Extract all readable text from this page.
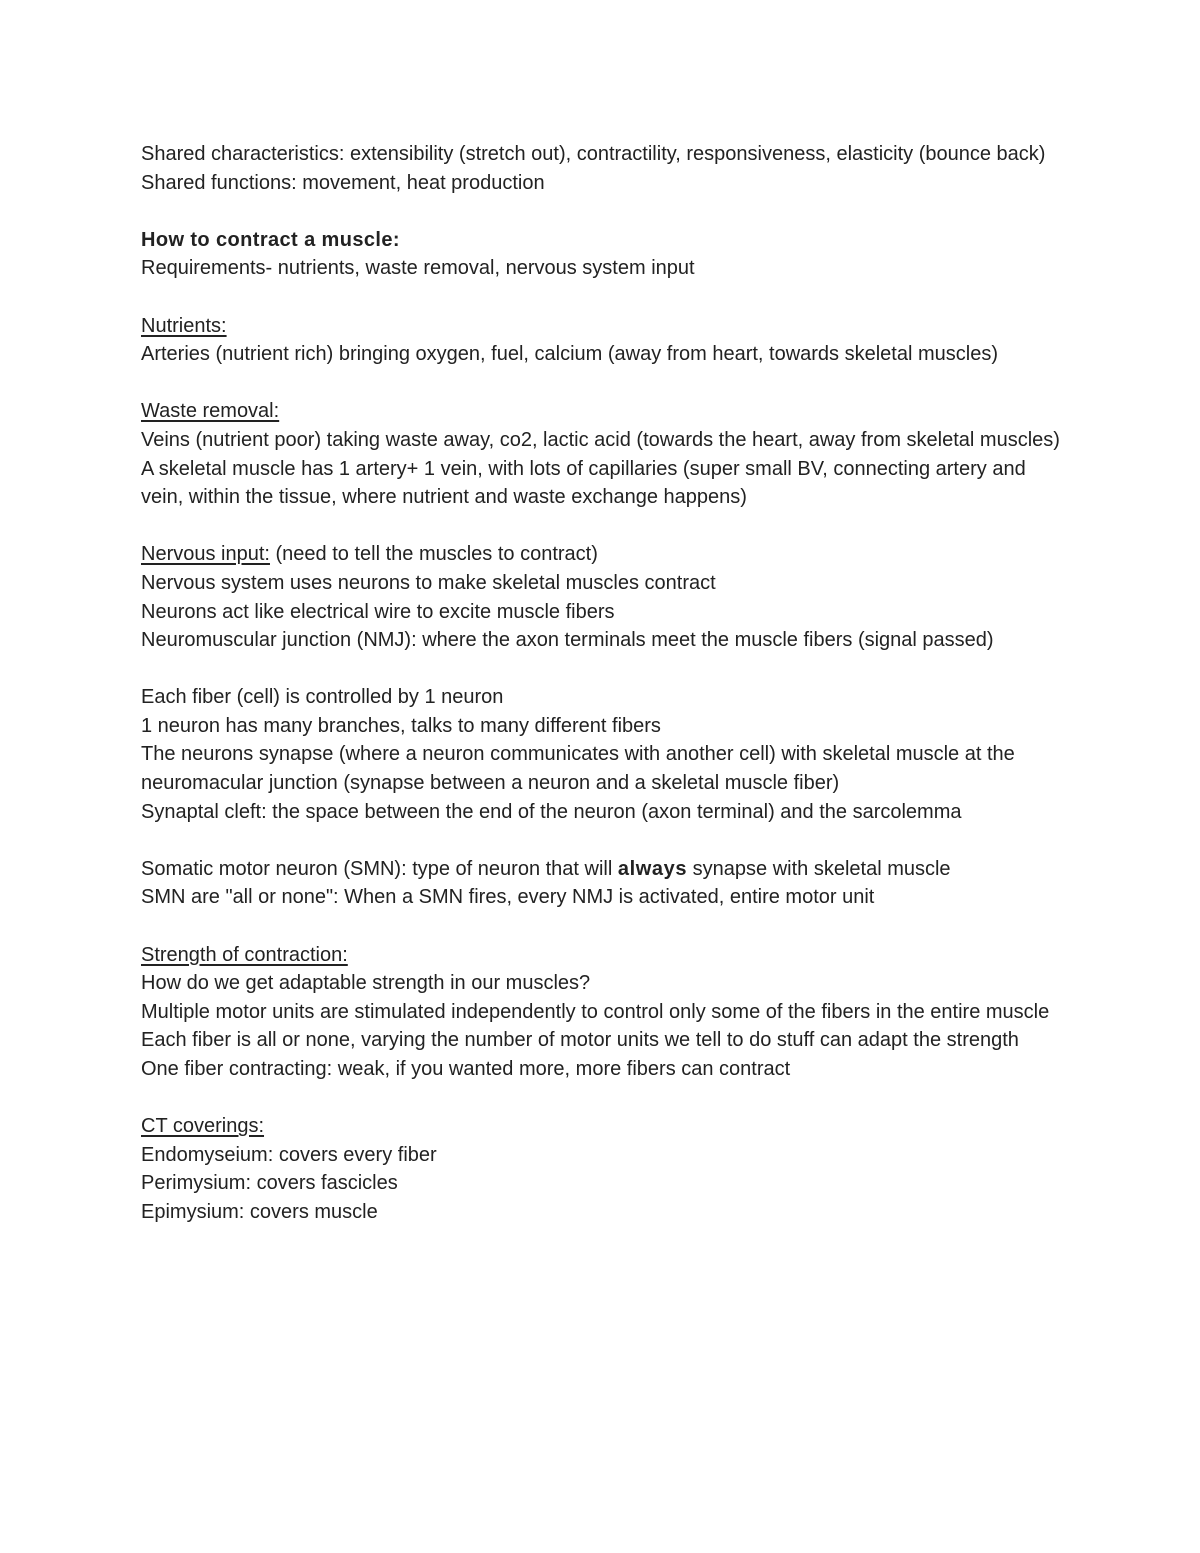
Shared characteristics: extensibility (stretch out), contractility, responsiveness, elasticity (bounce back)

Shared functions: movement, heat production

How to contract a muscle:

Requirements- nutrients, waste removal, nervous system input

Nutrients:

Arteries (nutrient rich) bringing oxygen, fuel, calcium (away from heart, towards skeletal muscles)

Waste removal:

Veins (nutrient poor) taking waste away, co2, lactic acid (towards the heart, away from skeletal muscles)

A skeletal muscle has 1 artery+ 1 vein, with lots of capillaries (super small BV, connecting artery and vein, within the tissue, where nutrient and waste exchange happens)

Nervous input: (need to tell the muscles to contract)

Nervous system uses neurons to make skeletal muscles contract

Neurons act like electrical wire to excite muscle fibers

Neuromuscular junction (NMJ): where the axon terminals meet the muscle fibers (signal passed)

Each fiber (cell) is controlled by 1 neuron

1 neuron has many branches, talks to many different fibers

The neurons synapse (where a neuron communicates with another cell) with skeletal muscle at the neuromacular junction (synapse between a neuron and a skeletal muscle fiber)

Synaptal cleft: the space between the end of the neuron (axon terminal) and the sarcolemma

Somatic motor neuron (SMN): type of neuron that will always synapse with skeletal muscle

SMN are "all or none": When a SMN fires, every NMJ is activated, entire motor unit

Strength of contraction:

How do we get adaptable strength in our muscles?

Multiple motor units are stimulated independently to control only some of the fibers in the entire muscle

Each fiber is all or none, varying the number of motor units we tell to do stuff can adapt the strength

One fiber contracting: weak, if you wanted more, more fibers can contract

CT coverings:

Endomyseium: covers every fiber

Perimysium: covers fascicles

Epimysium: covers muscle
